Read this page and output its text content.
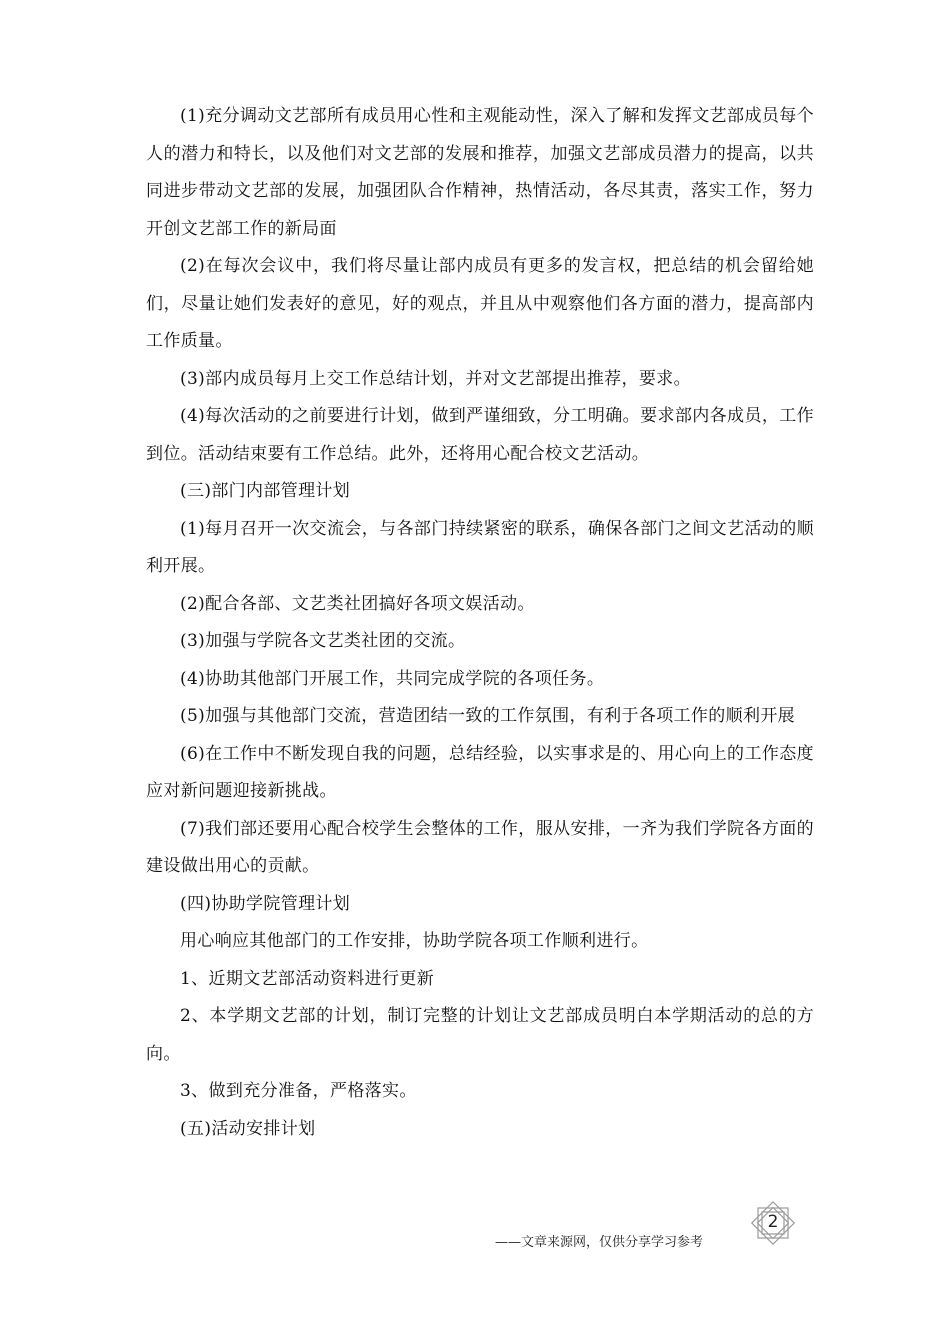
(1)充分调动文艺部所有成员用心性和主观能动性，深入了解和发挥文艺部成员每个人的潜力和特长，以及他们对文艺部的发展和推荐，加强文艺部成员潜力的提高，以共同进步带动文艺部的发展，加强团队合作精神，热情活动，各尽其责，落实工作，努力开创文艺部工作的新局面

(2)在每次会议中，我们将尽量让部内成员有更多的发言权，把总结的机会留给她们，尽量让她们发表好的意见，好的观点，并且从中观察他们各方面的潜力，提高部内工作质量。

(3)部内成员每月上交工作总结计划，并对文艺部提出推荐，要求。

(4)每次活动的之前要进行计划，做到严谨细致，分工明确。要求部内各成员，工作到位。活动结束要有工作总结。此外，还将用心配合校文艺活动。

(三)部门内部管理计划

(1)每月召开一次交流会，与各部门持续紧密的联系，确保各部门之间文艺活动的顺利开展。

(2)配合各部、文艺类社团搞好各项文娱活动。

(3)加强与学院各文艺类社团的交流。

(4)协助其他部门开展工作，共同完成学院的各项任务。

(5)加强与其他部门交流，营造团结一致的工作氛围，有利于各项工作的顺利开展

(6)在工作中不断发现自我的问题，总结经验，以实事求是的、用心向上的工作态度应对新问题迎接新挑战。

(7)我们部还要用心配合校学生会整体的工作，服从安排，一齐为我们学院各方面的建设做出用心的贡献。

(四)协助学院管理计划

用心响应其他部门的工作安排，协助学院各项工作顺利进行。

1、近期文艺部活动资料进行更新

2、本学期文艺部的计划，制订完整的计划让文艺部成员明白本学期活动的总的方向。

3、做到充分准备，严格落实。

(五)活动安排计划

——文章来源网，仅供分享学习参考
2
